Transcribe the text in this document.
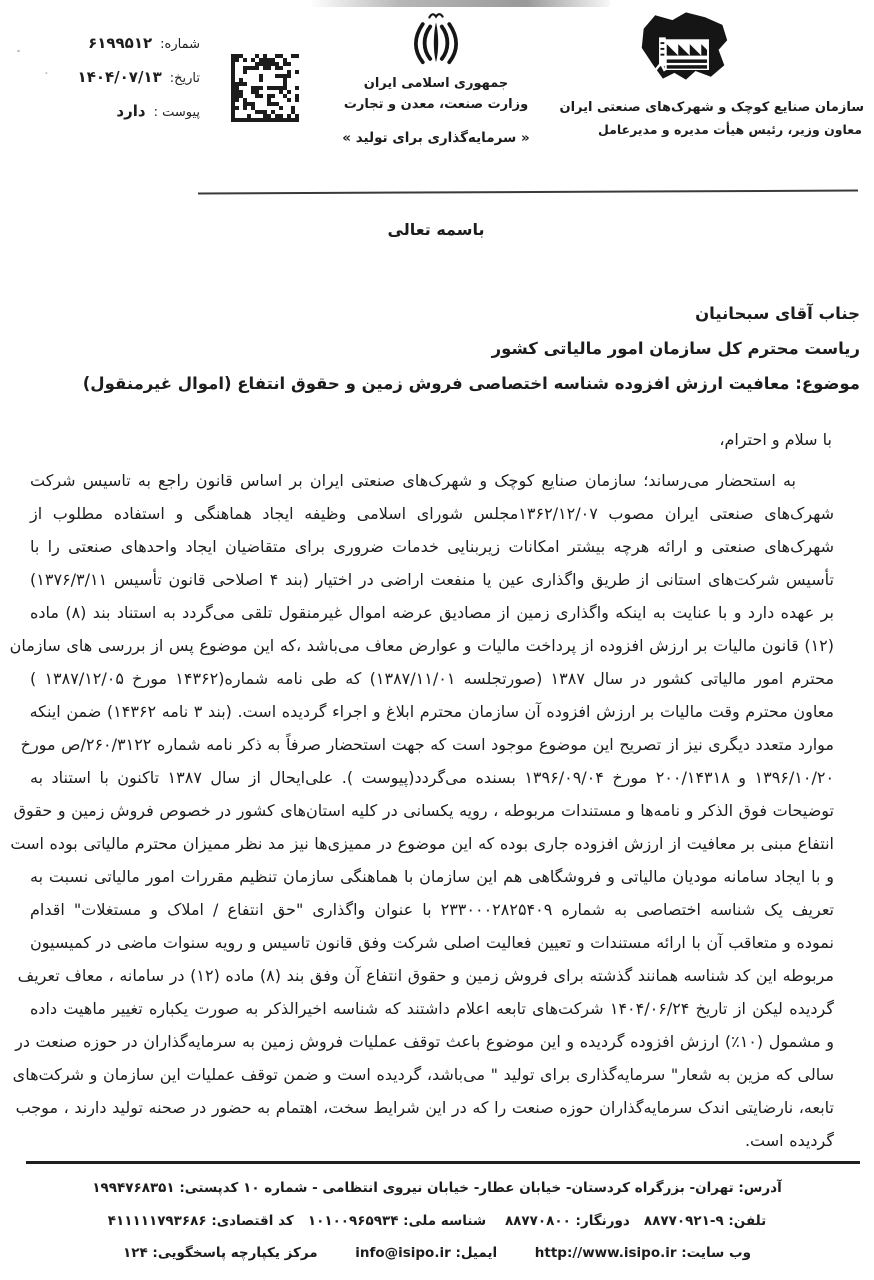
شماره:
۶۱۹۹۵۱۲
تاریخ:
۱۴۰۴/۰۷/۱۳
پیوست :
دارد
جمهوری اسلامی ایران
وزارت صنعت، معدن و تجارت
« سرمایه‌گذاری برای تولید »
سازمان صنایع کوچک و شهرک‌های صنعتی ایران
معاون وزیر، رئیس هیأت مدیره و مدیرعامل
باسمه تعالی
جناب آقای سبحانیان
ریاست محترم کل سازمان امور مالیاتی کشور
موضوع: معافیت ارزش افزوده شناسه اختصاصی فروش زمین و حقوق انتفاع (اموال غیرمنقول)
با سلام و احترام،
به استحضار می‌رساند؛ سازمان صنایع کوچک و شهرک‌های صنعتی ایران بر اساس قانون راجع به تاسیس شرکت
شهرک‌های صنعتی ایران مصوب ۱۳۶۲/۱۲/۰۷مجلس شورای اسلامی وظیفه ایجاد هماهنگی و استفاده مطلوب از
شهرک‌های صنعتی و ارائه هرچه بیشتر امکانات زیربنایی خدمات ضروری برای متقاضیان ایجاد واحدهای صنعتی را با
تأسیس شرکت‌های استانی از طریق واگذاری عین یا منفعت اراضی در اختیار (بند ۴ اصلاحی قانون تأسیس ۱۳۷۶/۳/۱۱)
بر عهده دارد و با عنایت به اینکه واگذاری زمین از مصادیق عرضه اموال غیرمنقول تلقی می‌گردد به استناد بند (۸) ماده
(۱۲) قانون مالیات بر ارزش افزوده از پرداخت مالیات و عوارض معاف می‌باشد ،که این موضوع پس از بررسی های سازمان
محترم امور مالیاتی کشور در سال ۱۳۸۷ (صورتجلسه ۱۳۸۷/۱۱/۰۱) که طی نامه شماره(۱۴۳۶۲ مورخ ۱۳۸۷/۱۲/۰۵ )
معاون محترم وقت مالیات بر ارزش افزوده آن سازمان محترم ابلاغ و اجراء گردیده است. (بند ۳ نامه ۱۴۳۶۲) ضمن اینکه
موارد متعدد دیگری نیز از تصریح این موضوع موجود است که جهت استحضار صرفاً به ذکر نامه شماره ۲۶۰/۳۱۲۲/ص مورخ
۱۳۹۶/۱۰/۲۰ و ۲۰۰/۱۴۳۱۸ مورخ ۱۳۹۶/۰۹/۰۴ بسنده می‌گردد(پیوست ). علی‌ایحال از سال ۱۳۸۷ تاکنون با استناد به
توضیحات فوق الذکر و نامه‌ها و مستندات مربوطه ، رویه یکسانی در کلیه استان‌های کشور در خصوص فروش زمین و حقوق
انتفاع مبنی بر معافیت از ارزش افزوده جاری بوده که این موضوع در ممیزی‌ها نیز مد نظر ممیزان محترم مالیاتی بوده است
و با ایجاد سامانه مودیان مالیاتی و فروشگاهی هم این سازمان با هماهنگی سازمان تنظیم مقررات امور مالیاتی نسبت به
تعریف یک شناسه اختصاصی به شماره ۲۳۳۰۰۰۲۸۲۵۴۰۹ با عنوان واگذاری "حق انتفاع / املاک و مستغلات" اقدام
نموده و متعاقب آن با ارائه مستندات و تعیین فعالیت اصلی شرکت وفق قانون تاسیس و رویه سنوات ماضی در کمیسیون
مربوطه این کد شناسه همانند گذشته برای فروش زمین و حقوق انتفاع آن وفق بند (۸) ماده (۱۲) در سامانه ، معاف تعریف
گردیده لیکن از تاریخ ۱۴۰۴/۰۶/۲۴ شرکت‌های تابعه اعلام داشتند که شناسه اخیرالذکر به صورت یکباره تغییر ماهیت داده
و مشمول (۱۰٪) ارزش افزوده گردیده و این موضوع باعث توقف عملیات فروش زمین به سرمایه‌گذاران در حوزه صنعت در
سالی که مزین به شعار" سرمایه‌گذاری برای تولید " می‌باشد، گردیده است و ضمن توقف عملیات این سازمان و شرکت‌های
تابعه، نارضایتی اندک سرمایه‌گذاران حوزه صنعت را که در این شرایط سخت، اهتمام به حضور در صحنه تولید دارند ، موجب
گردیده است.
آدرس: تهران- بزرگراه کردستان- خیابان عطار- خیابان نیروی انتظامی - شماره ۱۰ کدپستی: ۱۹۹۴۷۶۸۳۵۱
تلفن: ۹-۸۸۷۷۰۹۲۱   دورنگار: ۸۸۷۷۰۸۰۰    شناسه ملی: ۱۰۱۰۰۹۶۵۹۳۴   کد اقتصادی: ۴۱۱۱۱۱۷۹۳۶۸۶
وب سایت: http://www.isipo.ir        ایمیل: info@isipo.ir        مرکز یکپارچه پاسخگویی: ۱۲۴
